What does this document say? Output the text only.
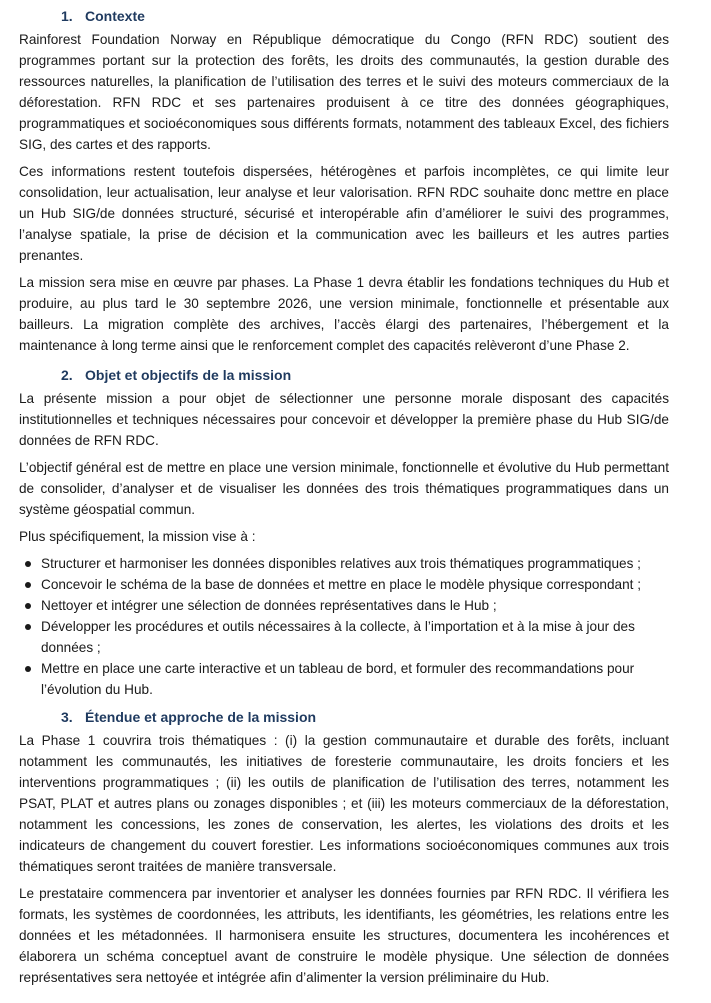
1. Contexte

Rainforest Foundation Norway en République démocratique du Congo (RFN RDC) soutient des programmes portant sur la protection des forêts, les droits des communautés, la gestion durable des ressources naturelles, la planification de l’utilisation des terres et le suivi des moteurs commerciaux de la déforestation. RFN RDC et ses partenaires produisent à ce titre des données géographiques, programmatiques et socioéconomiques sous différents formats, notamment des tableaux Excel, des fichiers SIG, des cartes et des rapports.

Ces informations restent toutefois dispersées, hétérogènes et parfois incomplètes, ce qui limite leur consolidation, leur actualisation, leur analyse et leur valorisation. RFN RDC souhaite donc mettre en place un Hub SIG/de données structuré, sécurisé et interopérable afin d’améliorer le suivi des programmes, l’analyse spatiale, la prise de décision et la communication avec les bailleurs et les autres parties prenantes.

La mission sera mise en œuvre par phases. La Phase 1 devra établir les fondations techniques du Hub et produire, au plus tard le 30 septembre 2026, une version minimale, fonctionnelle et présentable aux bailleurs. La migration complète des archives, l’accès élargi des partenaires, l’hébergement et la maintenance à long terme ainsi que le renforcement complet des capacités relèveront d’une Phase 2.

2. Objet et objectifs de la mission

La présente mission a pour objet de sélectionner une personne morale disposant des capacités institutionnelles et techniques nécessaires pour concevoir et développer la première phase du Hub SIG/de données de RFN RDC.

L’objectif général est de mettre en place une version minimale, fonctionnelle et évolutive du Hub permettant de consolider, d’analyser et de visualiser les données des trois thématiques programmatiques dans un système géospatial commun.

Plus spécifiquement, la mission vise à :

Structurer et harmoniser les données disponibles relatives aux trois thématiques programmatiques ;
Concevoir le schéma de la base de données et mettre en place le modèle physique correspondant ;
Nettoyer et intégrer une sélection de données représentatives dans le Hub ;
Développer les procédures et outils nécessaires à la collecte, à l’importation et à la mise à jour des données ;
Mettre en place une carte interactive et un tableau de bord, et formuler des recommandations pour l’évolution du Hub.
3. Étendue et approche de la mission

La Phase 1 couvrira trois thématiques : (i) la gestion communautaire et durable des forêts, incluant notamment les communautés, les initiatives de foresterie communautaire, les droits fonciers et les interventions programmatiques ; (ii) les outils de planification de l’utilisation des terres, notamment les PSAT, PLAT et autres plans ou zonages disponibles ; et (iii) les moteurs commerciaux de la déforestation, notamment les concessions, les zones de conservation, les alertes, les violations des droits et les indicateurs de changement du couvert forestier. Les informations socioéconomiques communes aux trois thématiques seront traitées de manière transversale.

Le prestataire commencera par inventorier et analyser les données fournies par RFN RDC. Il vérifiera les formats, les systèmes de coordonnées, les attributs, les identifiants, les géométries, les relations entre les données et les métadonnées. Il harmonisera ensuite les structures, documentera les incohérences et élaborera un schéma conceptuel avant de construire le modèle physique. Une sélection de données représentatives sera nettoyée et intégrée afin d’alimenter la version préliminaire du Hub.
